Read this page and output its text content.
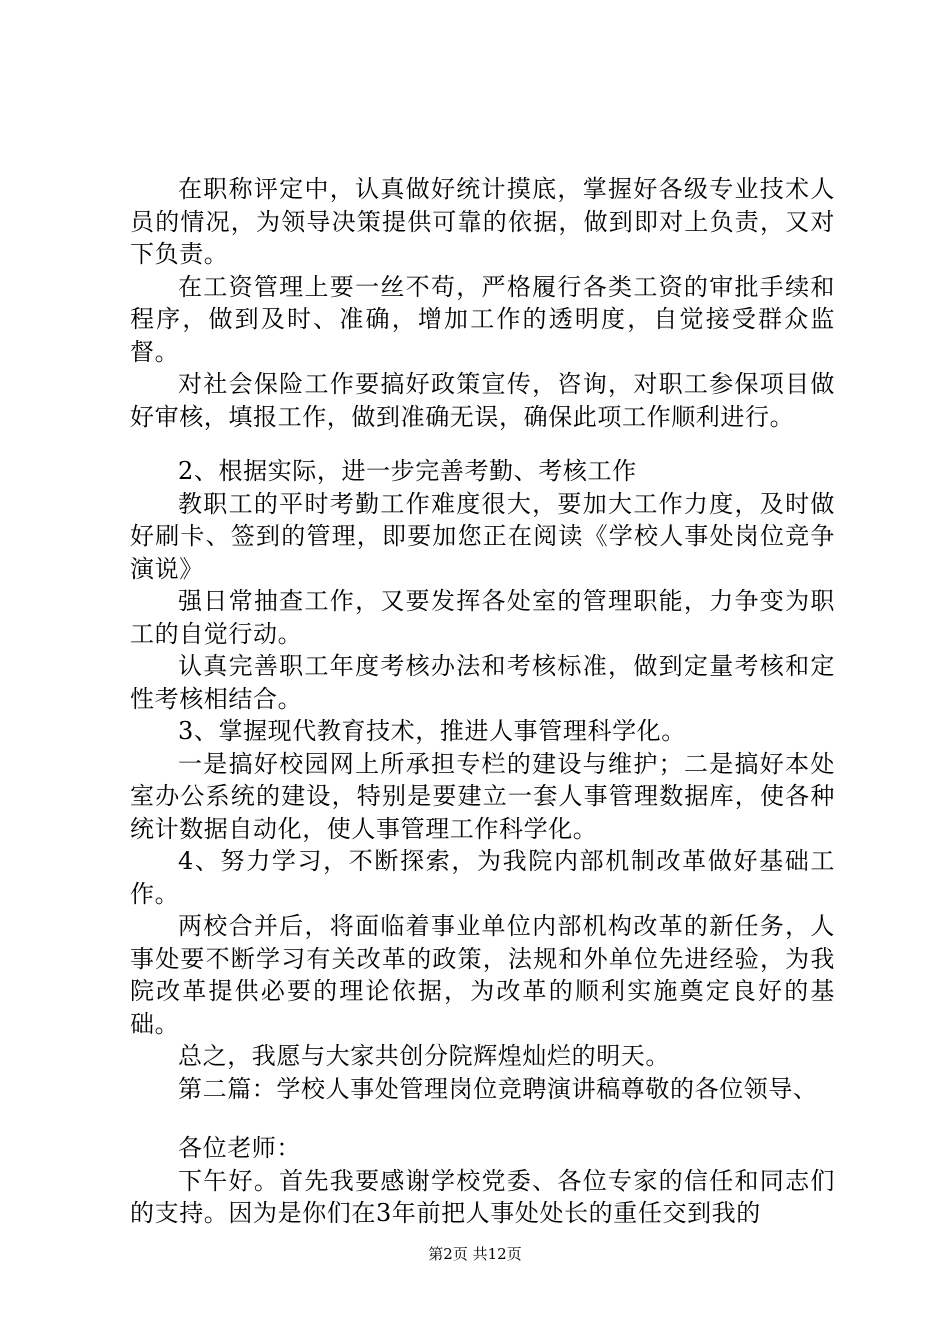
在职称评定中，认真做好统计摸底，掌握好各级专业技术人员的情况，为领导决策提供可靠的依据，做到即对上负责，又对下负责。

在工资管理上要一丝不苟，严格履行各类工资的审批手续和程序，做到及时、准确，增加工作的透明度，自觉接受群众监督。

对社会保险工作要搞好政策宣传，咨询，对职工参保项目做好审核，填报工作，做到准确无误，确保此项工作顺利进行。

2、根据实际，进一步完善考勤、考核工作

教职工的平时考勤工作难度很大，要加大工作力度，及时做好刷卡、签到的管理，即要加您正在阅读《学校人事处岗位竞争演说》

强日常抽查工作，又要发挥各处室的管理职能，力争变为职工的自觉行动。

认真完善职工年度考核办法和考核标准，做到定量考核和定性考核相结合。

3、掌握现代教育技术，推进人事管理科学化。

一是搞好校园网上所承担专栏的建设与维护；二是搞好本处室办公系统的建设，特别是要建立一套人事管理数据库，使各种统计数据自动化，使人事管理工作科学化。

4、努力学习，不断探索，为我院内部机制改革做好基础工作。

两校合并后，将面临着事业单位内部机构改革的新任务，人事处要不断学习有关改革的政策，法规和外单位先进经验，为我院改革提供必要的理论依据，为改革的顺利实施奠定良好的基础。

总之，我愿与大家共创分院辉煌灿烂的明天。

第二篇：学校人事处管理岗位竞聘演讲稿尊敬的各位领导、

各位老师：

下午好。首先我要感谢学校党委、各位专家的信任和同志们的支持。因为是你们在3年前把人事处处长的重任交到我的

第2页 共12页
